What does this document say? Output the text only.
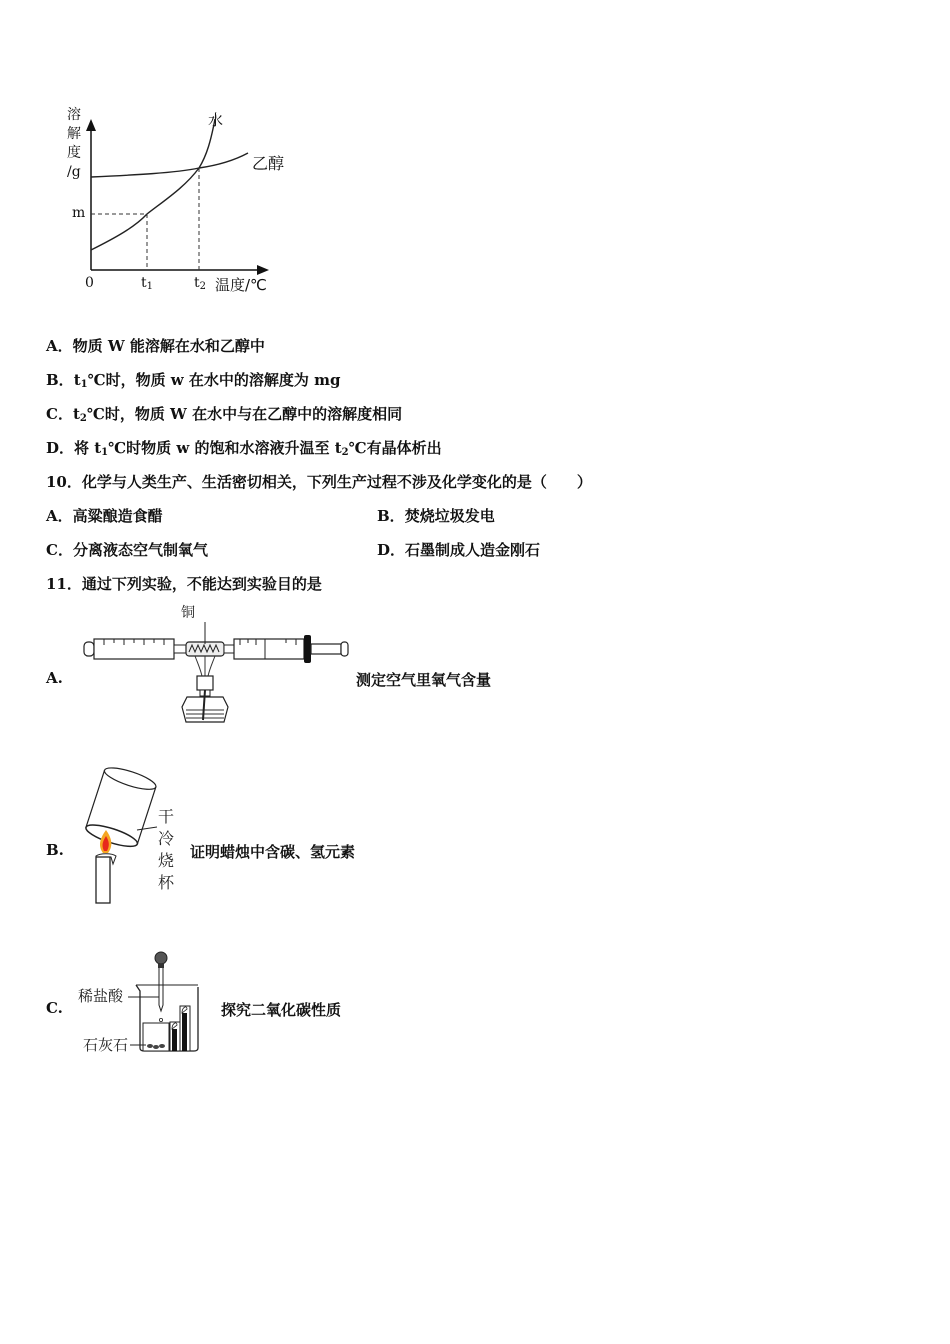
溶
解
度
/g
m
0	$t_1$	$t_2$ 温度/℃
水
乙醇
A．物质 W 能溶解在水和乙醇中
B．$t_1℃$时，物质 w 在水中的溶解度为 mg
C．$t_2℃$时，物质 W 在水中与在乙醇中的溶解度相同
D．将 $t_1℃$时物质 w 的饱和水溶液升温至 $t_2℃$有晶体析出
10．化学与人类生产、生活密切相关，下列生产过程不涉及化学变化的是（　　）
A．高粱酿造食醋	B．焚烧垃圾发电
C．分离液态空气制氧气	D．石墨制成人造金刚石
11．通过下列实验，不能达到实验目的是
A.
铜
测定空气里氧气含量
B.
干
冷
烧
杯
证明蜡烛中含碳、氢元素
C.
稀盐酸
石灰石
探究二氧化碳性质
